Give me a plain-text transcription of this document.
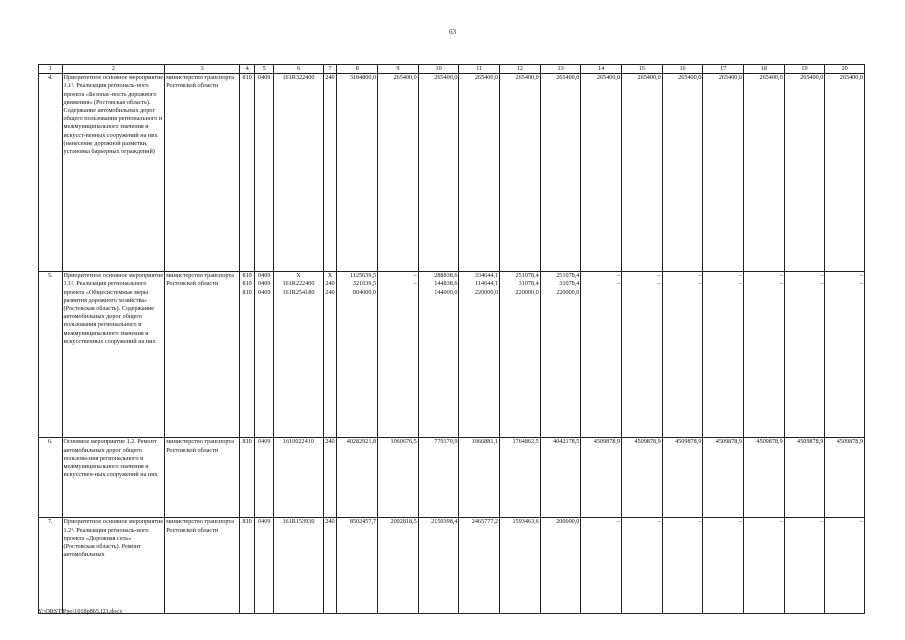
63
1	2	3	4	5	6	7	8	9	10	11	12	13	14	15	16	17	18	19	20
4.	Приоритетное основное мероприятие 1.1¹. Реализация региональ-ного проекта «Безопас-ность дорожного движения» (Ростовская область). Содержание автомобильных дорог общего пользования регионального и межмуниципального значения и искусст-венных сооружений на них (нанесение дорожной разметки, установка барьерных ограждений)	министерство транспорта Ростовской области	810	0409	161R322400	240	3184800,0	265400,0	265400,0	265400,0	265400,0	265400,0	265400,0	265400,0	265400,0	265400,0	265400,0	265400,0	265400,0
5.	Приоритетное основное мероприятие 1.1². Реализация регионального проекта «Общесистемные меры развития дорожного хозяйства» (Ростовская область). Содержание автомобильных дорог общего пользования регионального и межмуниципального значения и искусственных сооружений на них	министерство транспорта Ростовской области	810	0409	Х	Х	1125639,5	–	288838,6	334644,1	251078,4	251078,4	–	–	–	–	–	–	–
			810	0409	161R222400	240	321639,5	–	144838,6	114644,1	31078,4	31078,4	–	–	–	–	–	–	–
			810	0409	161R254180	240	804000,0		144000,0	220000,0	220000,0	220000,0							
6.	Основное мероприятие 1.2. Ремонт автомобильных дорог общего пользова-ния регионального и межмуниципального значения и искусствен-ных сооружений на них	министерство транспорта Ростовской области	810	0409	1610022410	240	40282921,8	1060676,5	779170,9	1066881,1	1764862,5	4042178,5	4509878,9	4509878,9	4509878,9	4509878,9	4509878,9	4509878,9	4509878,9
7.	Приоритетное основное мероприятие 1.2¹. Реализация региональ-ного проекта «Дорожная сеть» (Ростовская область). Ремонт автомобильных	министерство транспорта Ростовской области	810	0409	161R153930	240	8502457,7	2092818,5	2150398,4	2465777,2	1593463,6	200000,0	–	–	–	–	–	–	–
Y:\ORST\Ppo\1018p865.f21.docx
